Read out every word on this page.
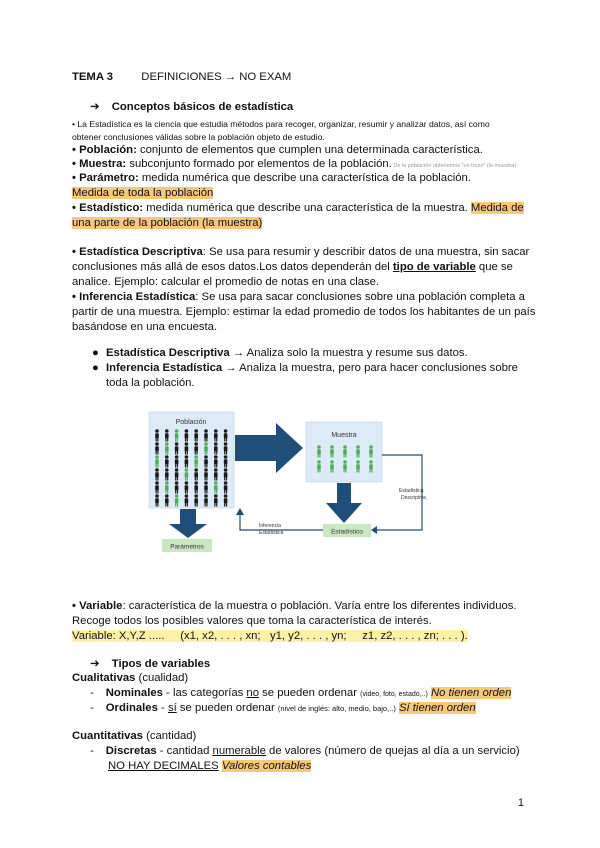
TEMA 3	DEFINICIONES → NO EXAM
➔ Conceptos básicos de estadística
• La Estadística es la ciencia que estudia métodos para recoger, organizar, resumir y analizar datos, así como
obtener conclusiones válidas sobre la población objeto de estudio.
• Población: conjunto de elementos que cumplen una determinada característica.
• Muestra: subconjunto formado por elementos de la población. De la población obtenemos "un trozo" (la muestra).
• Parámetro: medida numérica que describe una característica de la población.
Medida de toda la población
• Estadístico: medida numérica que describe una característica de la muestra. Medida de
una parte de la población (la muestra)
• Estadística Descriptiva: Se usa para resumir y describir datos de una muestra, sin sacar
conclusiones más allá de esos datos.Los datos dependerán del tipo de variable que se
analice. Ejemplo: calcular el promedio de notas en una clase.
• Inferencia Estadística: Se usa para sacar conclusiones sobre una población completa a
partir de una muestra. Ejemplo: estimar la edad promedio de todos los habitantes de un país
basándose en una encuesta.
● Estadística Descriptiva → Analiza solo la muestra y resume sus datos.
● Inferencia Estadística → Analiza la muestra, pero para hacer conclusiones sobre
toda la población.
Población
Muestra
Estadístico
Parámetros
Inferencia
Estadística
Estadística
Descriptiva
• Variable: característica de la muestra o población. Varía entre los diferentes individuos.
Recoge todos los posibles valores que toma la característica de interés.
Variable: X,Y,Z .....     (x1, x2, . . . , xn;   y1, y2, . . . , yn;     z1, z2, . . . , zn; . . . ).
➔ Tipos de variables
Cualitativas (cualidad)
- Nominales - las categorías no se pueden ordenar (video, foto, estado,..) No tienen orden
- Ordinales - sí se pueden ordenar (nivel de inglés: alto, medio, bajo,..) Sí tienen orden
Cuantitativas (cantidad)
- Discretas - cantidad numerable de valores (número de quejas al día a un servicio)
NO HAY DECIMALES Valores contables
1
